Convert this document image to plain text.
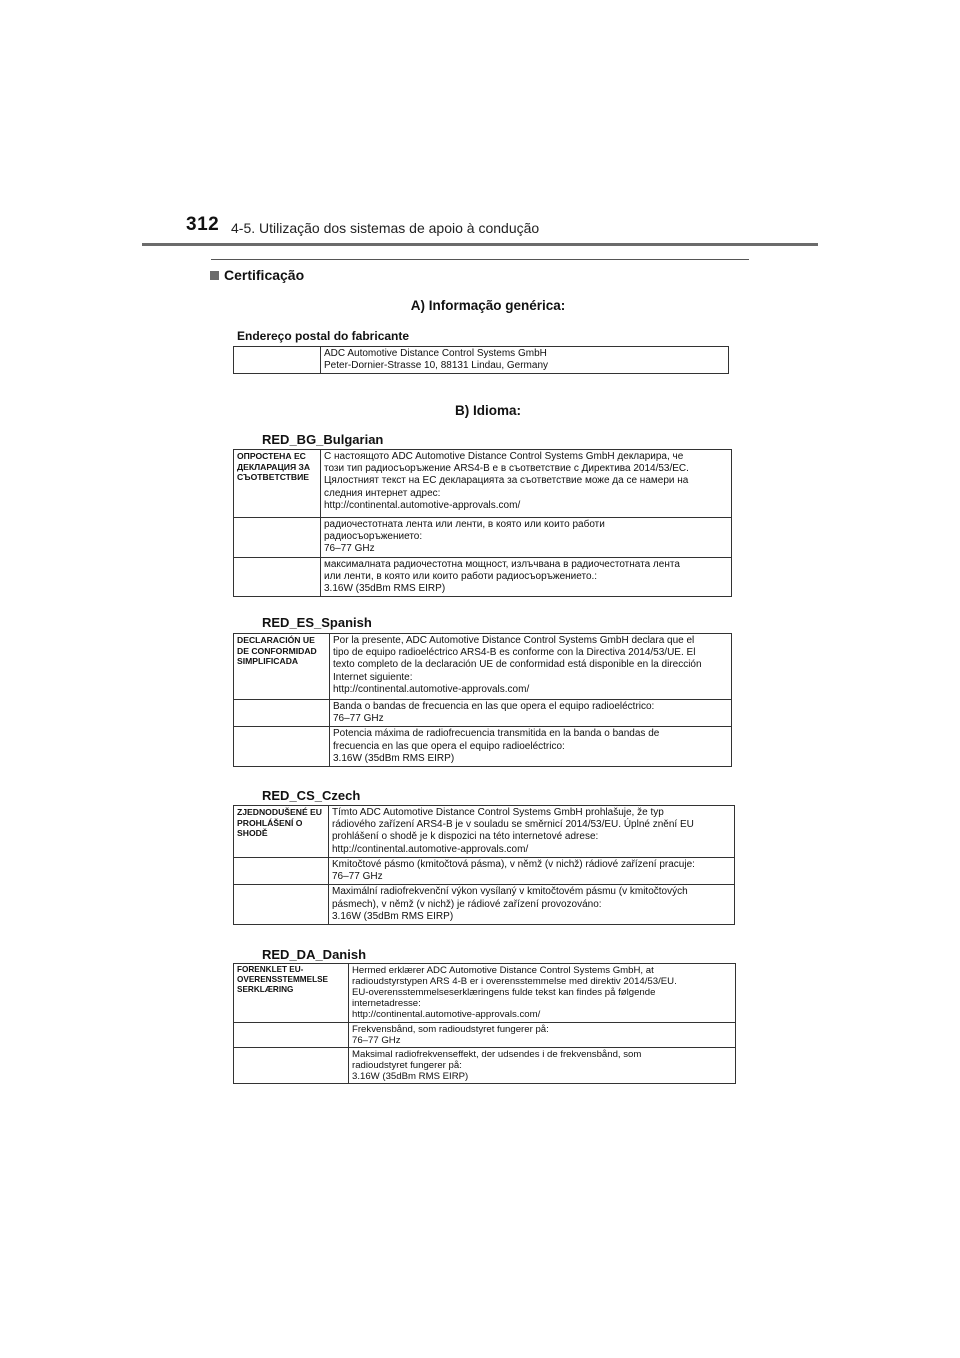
312 4-5. Utilização dos sistemas de apoio à condução
Certificação
A) Informação genérica:
Endereço postal do fabricante

ADC Automotive Distance Control Systems GmbH
Peter-Dornier-Strasse 10, 88131 Lindau, Germany
B) Idioma:
RED_BG_Bulgarian
ОПРОСТЕНА ЕС ДЕКЛАРАЦИЯ ЗА СЪОТВЕТСТВИЕ	С настоящото ADC Automotive Distance Control Systems GmbH декларира, че
този тип радиосъоръжение ARS4-B е в съответствие с Директива 2014/53/ЕС.
Цялостният текст на ЕС декларацията за съответствие може да се намери на
следния интернет адрес:
http://continental.automotive-approvals.com/

	радиочестотната лента или ленти, в която или които работи
радиосъоръжението:
76–77 GHz

	максималната радиочестотна мощност, излъчвана в радиочестотната лента
или ленти, в която или които работи радиосъоръжението.:
3.16W (35dBm RMS EIRP)
RED_ES_Spanish
DECLARACIÓN UE DE CONFORMIDAD SIMPLIFICADA	Por la presente, ADC Automotive Distance Control Systems GmbH declara que el
tipo de equipo radioeléctrico ARS4-B es conforme con la Directiva 2014/53/UE. El
texto completo de la declaración UE de conformidad está disponible en la dirección
Internet siguiente:
http://continental.automotive-approvals.com/

	Banda o bandas de frecuencia en las que opera el equipo radioeléctrico:
76–77 GHz

	Potencia máxima de radiofrecuencia transmitida en la banda o bandas de
frecuencia en las que opera el equipo radioeléctrico:
3.16W (35dBm RMS EIRP)
RED_CS_Czech
ZJEDNODUŠENÉ EU PROHLÁŠENÍ O SHODĚ	Tímto ADC Automotive Distance Control Systems GmbH prohlašuje, že typ
rádiového zařízení ARS4-B je v souladu se směrnicí 2014/53/EU. Úplné znění EU
prohlášení o shodě je k dispozici na této internetové adrese:
http://continental.automotive-approvals.com/

	Kmitočtové pásmo (kmitočtová pásma), v němž (v nichž) rádiové zařízení pracuje:
76–77 GHz

	Maximální radiofrekvenční výkon vysílaný v kmitočtovém pásmu (v kmitočtových
pásmech), v němž (v nichž) je rádiové zařízení provozováno:
3.16W (35dBm RMS EIRP)
RED_DA_Danish
FORENKLET EU-OVERENSSTEMMELSE SERKLÆRING	Hermed erklærer ADC Automotive Distance Control Systems GmbH, at
radioudstyrstypen ARS 4-B er i overensstemmelse med direktiv 2014/53/EU.
EU-overensstemmelseserklæringens fulde tekst kan findes på følgende
internetadresse:
http://continental.automotive-approvals.com/

	Frekvensbånd, som radioudstyret fungerer på:
76–77 GHz

	Maksimal radiofrekvenseffekt, der udsendes i de frekvensbånd, som
radioudstyret fungerer på:
3.16W (35dBm RMS EIRP)
